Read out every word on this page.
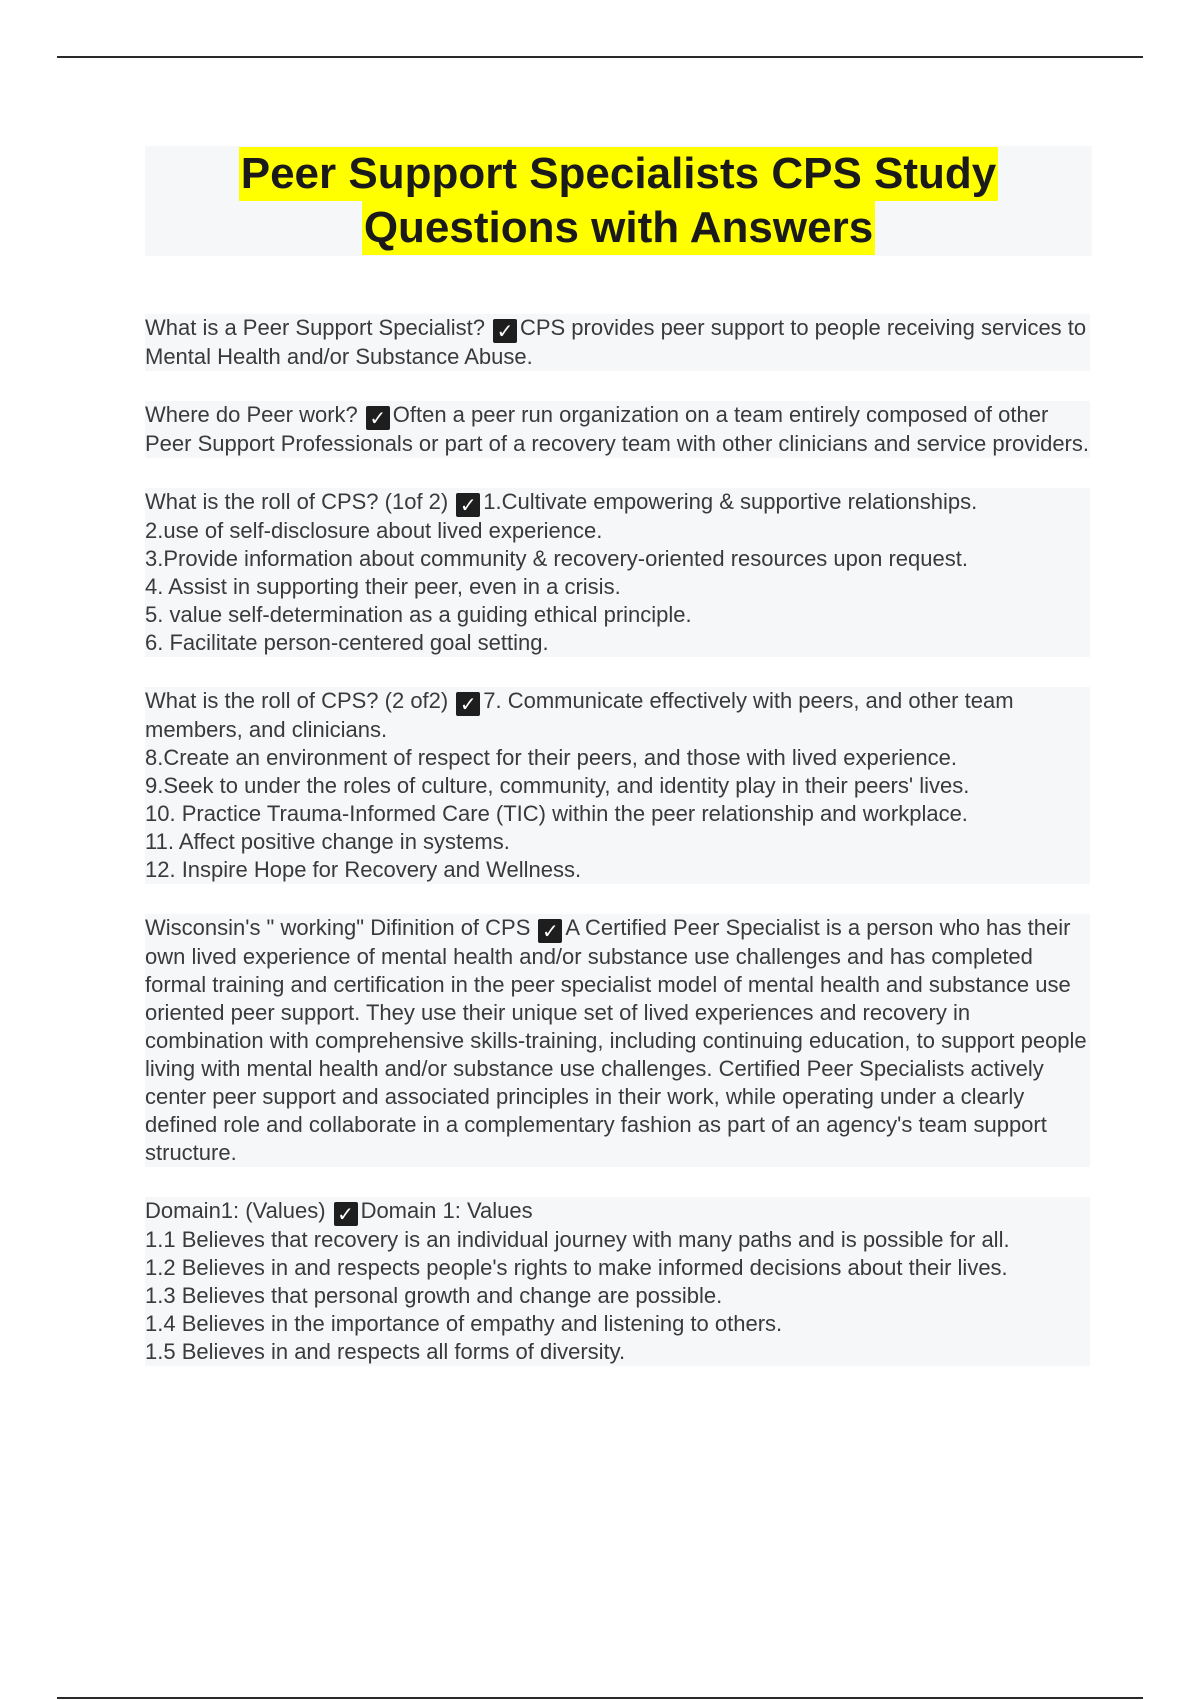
Peer Support Specialists CPS Study
Questions with Answers
What is a Peer Support Specialist? ✓ CPS provides peer support to people receiving services to Mental Health and/or Substance Abuse.
Where do Peer work? ✓ Often a peer run organization on a team entirely composed of other Peer Support Professionals or part of a recovery team with other clinicians and service providers.
What is the roll of CPS? (1of 2) ✓ 1.Cultivate empowering & supportive relationships.
2.use of self-disclosure about lived experience.
3.Provide information about community & recovery-oriented resources upon request.
4. Assist in supporting their peer, even in a crisis.
5. value self-determination as a guiding ethical principle.
6. Facilitate person-centered goal setting.
What is the roll of CPS? (2 of2) ✓ 7. Communicate effectively with peers, and other team members, and clinicians.
8.Create an environment of respect for their peers, and those with lived experience.
9.Seek to under the roles of culture, community, and identity play in their peers' lives.
10. Practice Trauma-Informed Care (TIC) within the peer relationship and workplace.
11. Affect positive change in systems.
12. Inspire Hope for Recovery and Wellness.
Wisconsin's " working" Difinition of CPS ✓ A Certified Peer Specialist is a person who has their own lived experience of mental health and/or substance use challenges and has completed formal training and certification in the peer specialist model of mental health and substance use oriented peer support. They use their unique set of lived experiences and recovery in combination with comprehensive skills-training, including continuing education, to support people living with mental health and/or substance use challenges. Certified Peer Specialists actively center peer support and associated principles in their work, while operating under a clearly defined role and collaborate in a complementary fashion as part of an agency's team support structure.
Domain1: (Values) ✓ Domain 1: Values
1.1 Believes that recovery is an individual journey with many paths and is possible for all.
1.2 Believes in and respects people's rights to make informed decisions about their lives.
1.3 Believes that personal growth and change are possible.
1.4 Believes in the importance of empathy and listening to others.
1.5 Believes in and respects all forms of diversity.
